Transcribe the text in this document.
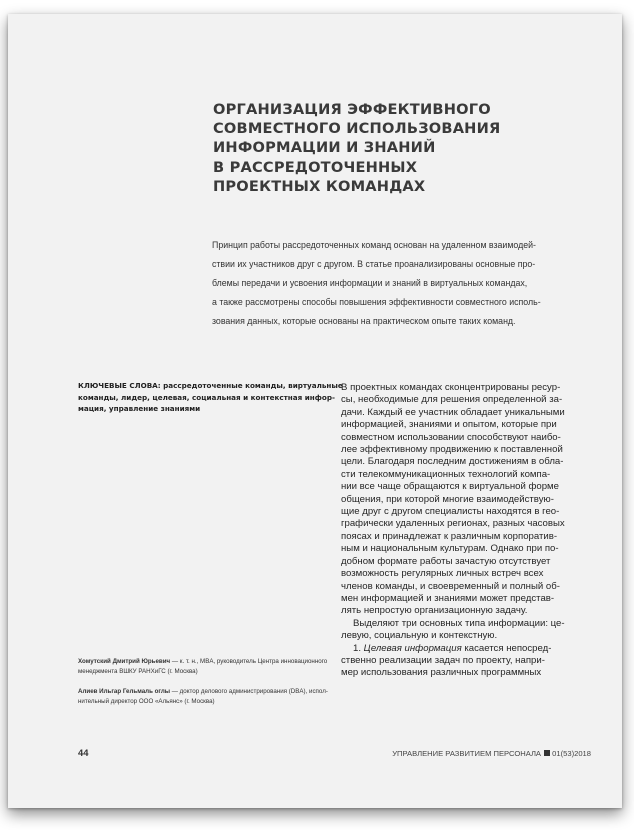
ОРГАНИЗАЦИЯ ЭФФЕКТИВНОГО
СОВМЕСТНОГО ИСПОЛЬЗОВАНИЯ
ИНФОРМАЦИИ И ЗНАНИЙ
В РАССРЕДОТОЧЕННЫХ
ПРОЕКТНЫХ КОМАНДАХ
Принцип работы рассредоточенных команд основан на удаленном взаимодей-
ствии их участников друг с другом. В статье проанализированы основные про-
блемы передачи и усвоения информации и знаний в виртуальных командах,
а также рассмотрены способы повышения эффективности совместного исполь-
зования данных, которые основаны на практическом опыте таких команд.
КЛЮЧЕВЫЕ СЛОВА: рассредоточенные команды, виртуальные
команды, лидер, целевая, социальная и контекстная инфор-
мация, управление знаниями
В проектных командах сконцентрированы ресур-
сы, необходимые для решения определенной за-
дачи. Каждый ее участник обладает уникальными
информацией, знаниями и опытом, которые при
совместном использовании способствуют наибо-
лее эффективному продвижению к поставленной
цели. Благодаря последним достижениям в обла-
сти телекоммуникационных технологий компа-
нии все чаще обращаются к виртуальной форме
общения, при которой многие взаимодействую-
щие друг с другом специалисты находятся в гео-
графически удаленных регионах, разных часовых
поясах и принадлежат к различным корпоратив-
ным и национальным культурам. Однако при по-
добном формате работы зачастую отсутствует
возможность регулярных личных встреч всех
членов команды, и своевременный и полный об-
мен информацией и знаниями может представ-
лять непростую организационную задачу.
Выделяют три основных типа информации: це-
левую, социальную и контекстную.
1. Целевая информация касается непосред-
ственно реализации задач по проекту, напри-
мер использования различных программных
Хомутский Дмитрий Юрьевич — к. т. н., MBA, руководитель Центра инновационного
менеджмента ВШКУ РАНХиГС (г. Москва)
Алиев Ильгар Гельмаль оглы — доктор делового администрирования (DBA), испол-
нительный директор ООО «Альянс» (г. Москва)
44	УПРАВЛЕНИЕ РАЗВИТИЕМ ПЕРСОНАЛА 01(53)2018
